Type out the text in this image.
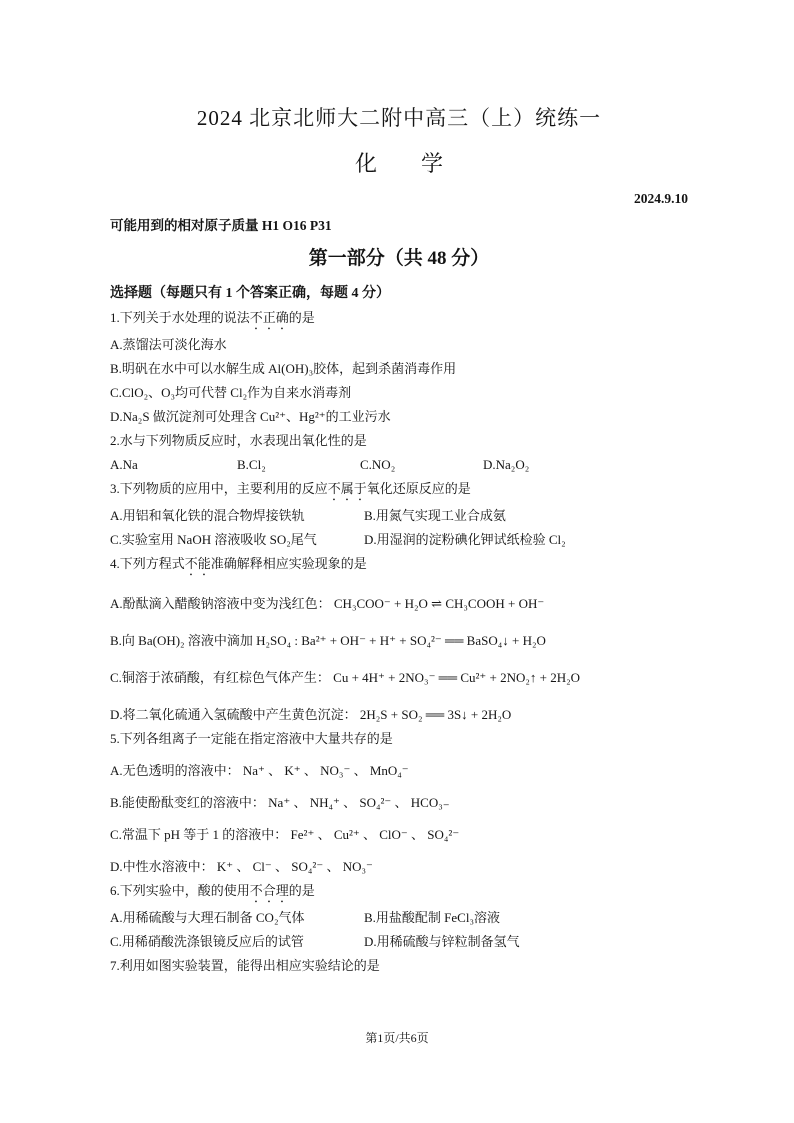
2024 北京北师大二附中高三（上）统练一
化　　学
2024.9.10
可能用到的相对原子质量 H1 O16 P31
第一部分（共 48 分）
选择题（每题只有 1 个答案正确，每题 4 分）
1.下列关于水处理的说法不正确的是
A.蒸馏法可淡化海水
B.明矾在水中可以水解生成 Al(OH)₃胶体，起到杀菌消毒作用
C.ClO₂、O₃均可代替 Cl₂作为自来水消毒剂
D.Na₂S 做沉淀剂可处理含 Cu²⁺、Hg²⁺的工业污水
2.水与下列物质反应时，水表现出氧化性的是
A.Na	B.Cl₂	C.NO₂	D.Na₂O₂
3.下列物质的应用中，主要利用的反应不属于氧化还原反应的是
A.用铝和氧化铁的混合物焊接铁轨	B.用氮气实现工业合成氨
C.实验室用 NaOH 溶液吸收 SO₂尾气	D.用湿润的淀粉碘化钾试纸检验 Cl₂
4.下列方程式不能准确解释相应实验现象的是
A.酚酞滴入醋酸钠溶液中变为浅红色： CH₃COO⁻ + H₂O ⇌ CH₃COOH + OH⁻
B.向 Ba(OH)₂ 溶液中滴加 H₂SO₄ : Ba²⁺ + OH⁻ + H⁺ + SO₄²⁻ ══ BaSO₄↓ + H₂O
C.铜溶于浓硝酸，有红棕色气体产生： Cu + 4H⁺ + 2NO₃⁻ ══ Cu²⁺ + 2NO₂↑ + 2H₂O
D.将二氧化硫通入氢硫酸中产生黄色沉淀： 2H₂S + SO₂ ══ 3S↓ + 2H₂O
5.下列各组离子一定能在指定溶液中大量共存的是
A.无色透明的溶液中： Na⁺ 、 K⁺ 、 NO₃⁻ 、 MnO₄⁻
B.能使酚酞变红的溶液中： Na⁺ 、 NH₄⁺ 、 SO₄²⁻ 、 HCO₃₋
C.常温下 pH 等于 1 的溶液中： Fe²⁺ 、 Cu²⁺ 、 ClO⁻ 、 SO₄²⁻
D.中性水溶液中： K⁺ 、 Cl⁻ 、 SO₄²⁻ 、 NO₃⁻
6.下列实验中，酸的使用不合理的是
A.用稀硫酸与大理石制备 CO₂气体	B.用盐酸配制 FeCl₃溶液
C.用稀硝酸洗涤银镜反应后的试管	D.用稀硫酸与锌粒制备氢气
7.利用如图实验装置，能得出相应实验结论的是
第1页/共6页
